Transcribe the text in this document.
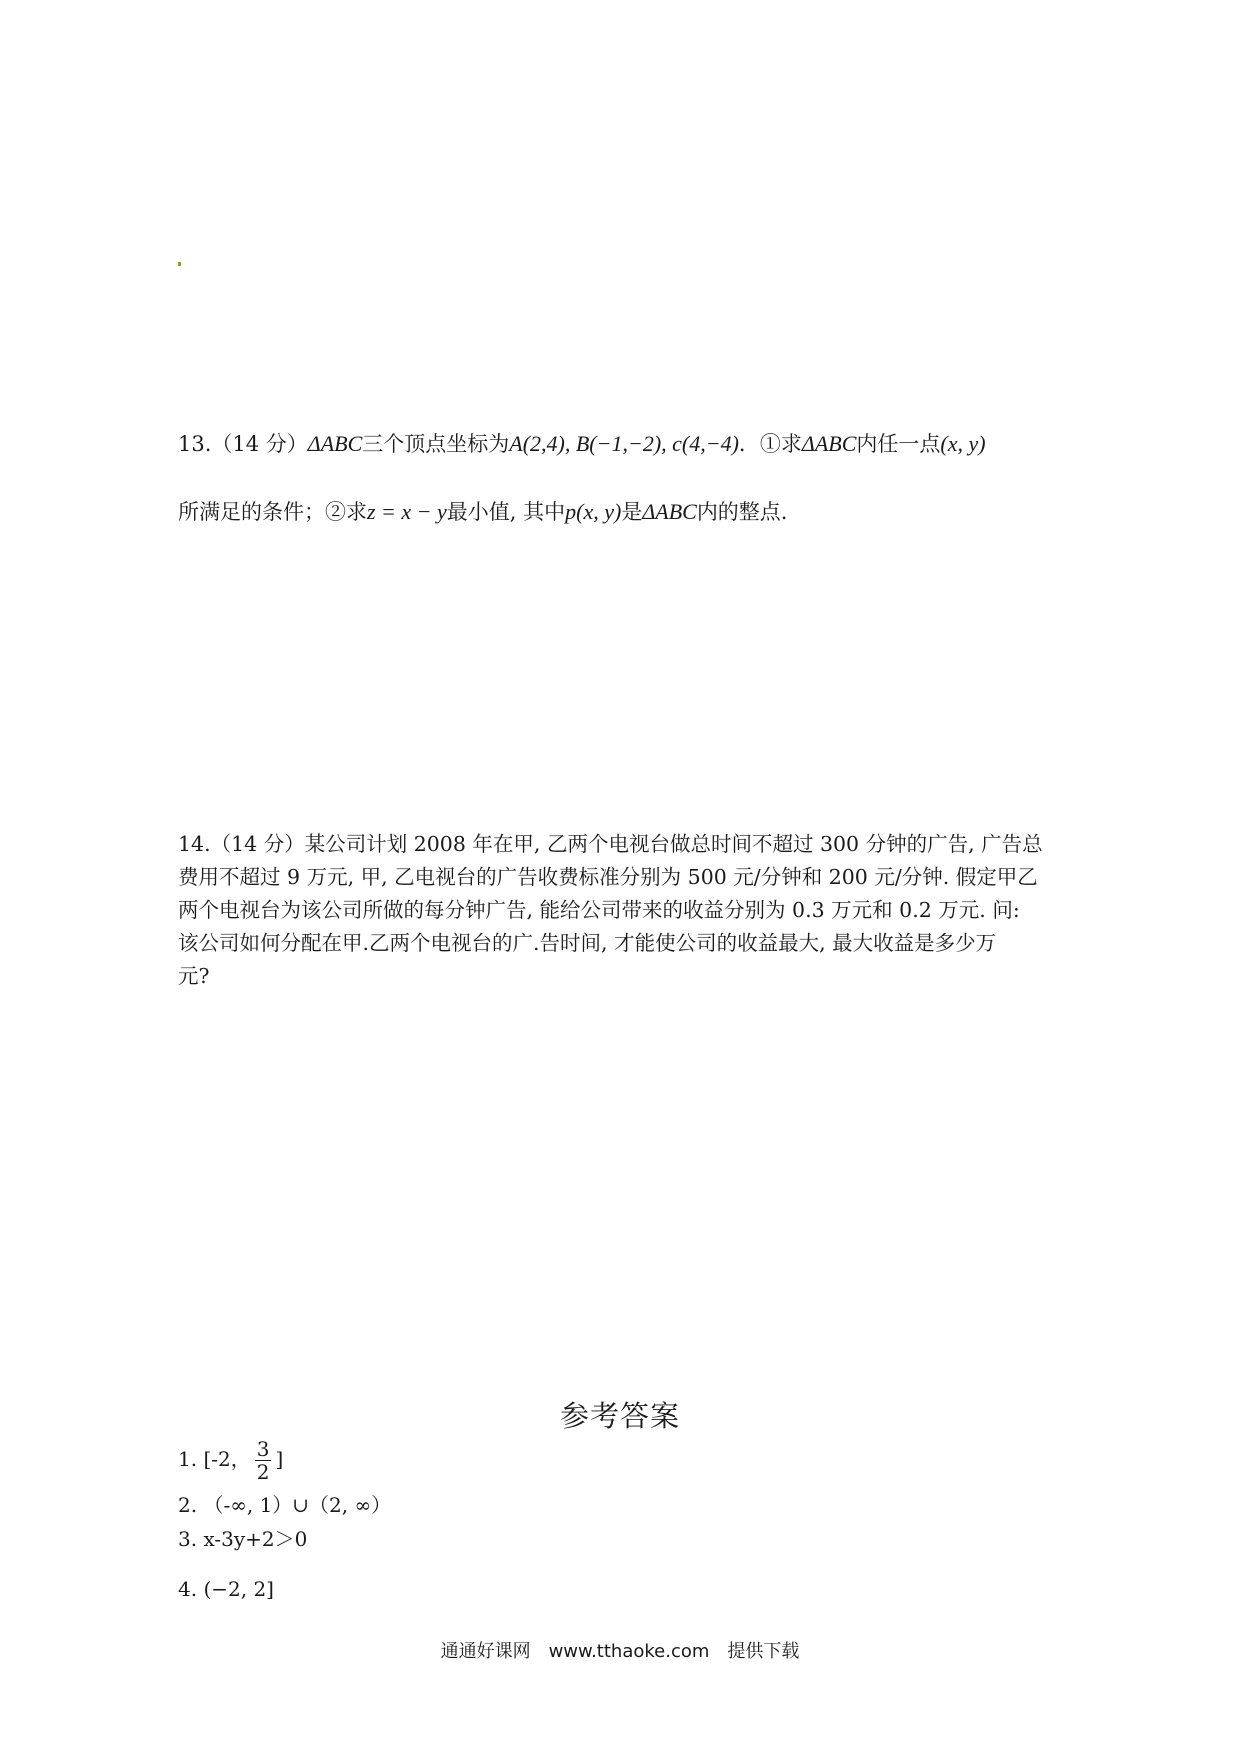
13.（14 分）ΔABC三个顶点坐标为A(2,4), B(−1,−2), c(4,−4)．①求ΔABC内任一点(x, y)
所满足的条件；②求z = x − y最小值, 其中p(x, y)是ΔABC内的整点.
14.（14 分）某公司计划 2008 年在甲, 乙两个电视台做总时间不超过 300 分钟的广告, 广告总
费用不超过 9 万元, 甲, 乙电视台的广告收费标准分别为 500 元/分钟和 200 元/分钟. 假定甲乙
两个电视台为该公司所做的每分钟广告, 能给公司带来的收益分别为 0.3 万元和 0.2 万元. 问:
该公司如何分配在甲.乙两个电视台的广.告时间, 才能使公司的收益最大, 最大收益是多少万
元?
参考答案
1. [-2， $\frac{3}{2}$ ]
2. （-∞, 1）∪（2, ∞）
3. x-3y+2＞0
4. (−2, 2]
通通好课网　www.tthaoke.com　提供下载
